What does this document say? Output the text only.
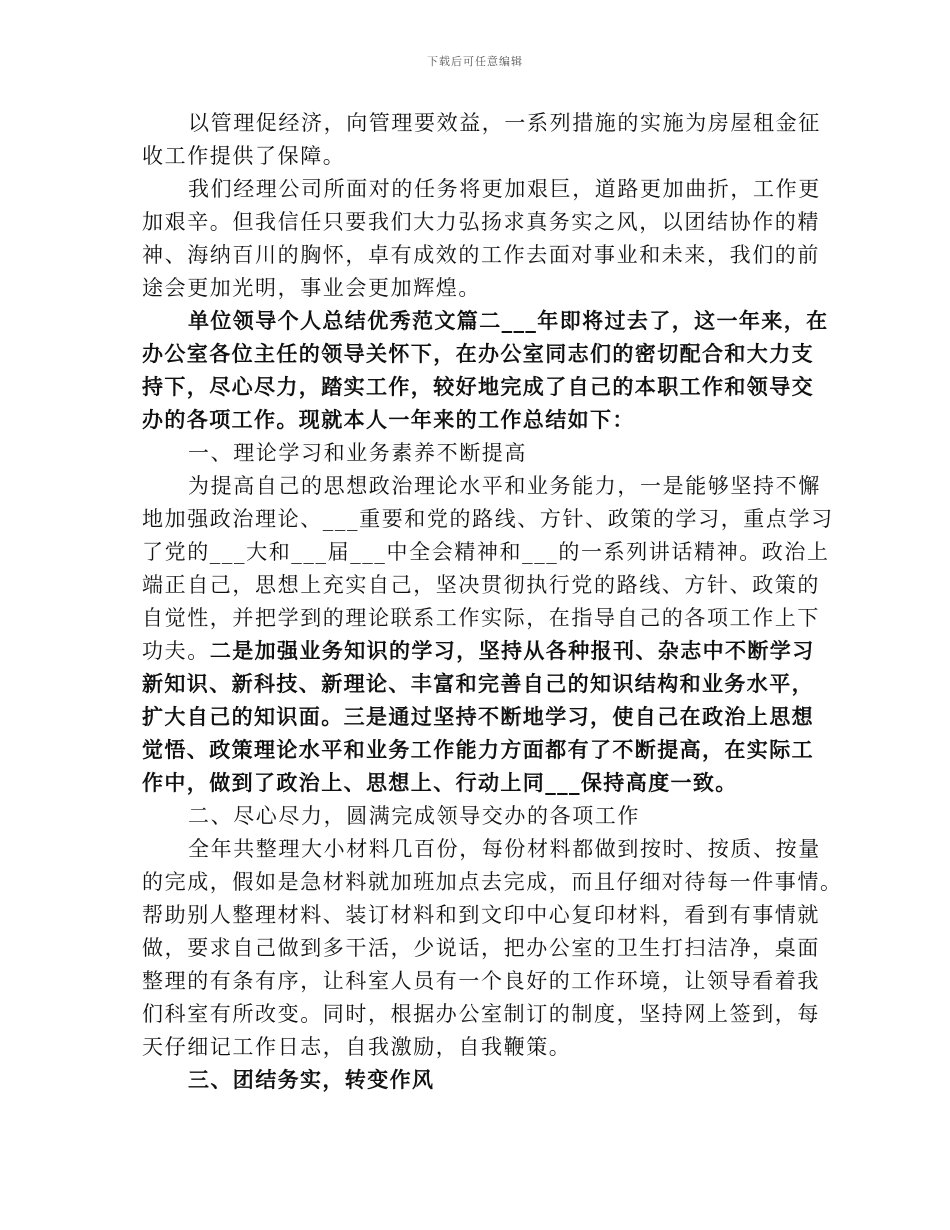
下载后可任意编辑
以管理促经济，向管理要效益，一系列措施的实施为房屋租金征
收工作提供了保障。
我们经理公司所面对的任务将更加艰巨，道路更加曲折，工作更
加艰辛。但我信任只要我们大力弘扬求真务实之风，以团结协作的精
神、海纳百川的胸怀，卓有成效的工作去面对事业和未来，我们的前
途会更加光明，事业会更加辉煌。
单位领导个人总结优秀范文篇二___年即将过去了，这一年来，在
办公室各位主任的领导关怀下，在办公室同志们的密切配合和大力支
持下，尽心尽力，踏实工作，较好地完成了自己的本职工作和领导交
办的各项工作。现就本人一年来的工作总结如下：
一、理论学习和业务素养不断提高
为提高自己的思想政治理论水平和业务能力，一是能够坚持不懈
地加强政治理论、___重要和党的路线、方针、政策的学习，重点学习
了党的___大和___届___中全会精神和___的一系列讲话精神。政治上
端正自己，思想上充实自己，坚决贯彻执行党的路线、方针、政策的
自觉性，并把学到的理论联系工作实际，在指导自己的各项工作上下
功夫。二是加强业务知识的学习，坚持从各种报刊、杂志中不断学习
新知识、新科技、新理论、丰富和完善自己的知识结构和业务水平，
扩大自己的知识面。三是通过坚持不断地学习，使自己在政治上思想
觉悟、政策理论水平和业务工作能力方面都有了不断提高，在实际工
作中，做到了政治上、思想上、行动上同___保持高度一致。
二、尽心尽力，圆满完成领导交办的各项工作
全年共整理大小材料几百份，每份材料都做到按时、按质、按量
的完成，假如是急材料就加班加点去完成，而且仔细对待每一件事情。
帮助别人整理材料、装订材料和到文印中心复印材料，看到有事情就
做，要求自己做到多干活，少说话，把办公室的卫生打扫洁净，桌面
整理的有条有序，让科室人员有一个良好的工作环境，让领导看着我
们科室有所改变。同时，根据办公室制订的制度，坚持网上签到，每
天仔细记工作日志，自我激励，自我鞭策。
三、团结务实，转变作风
